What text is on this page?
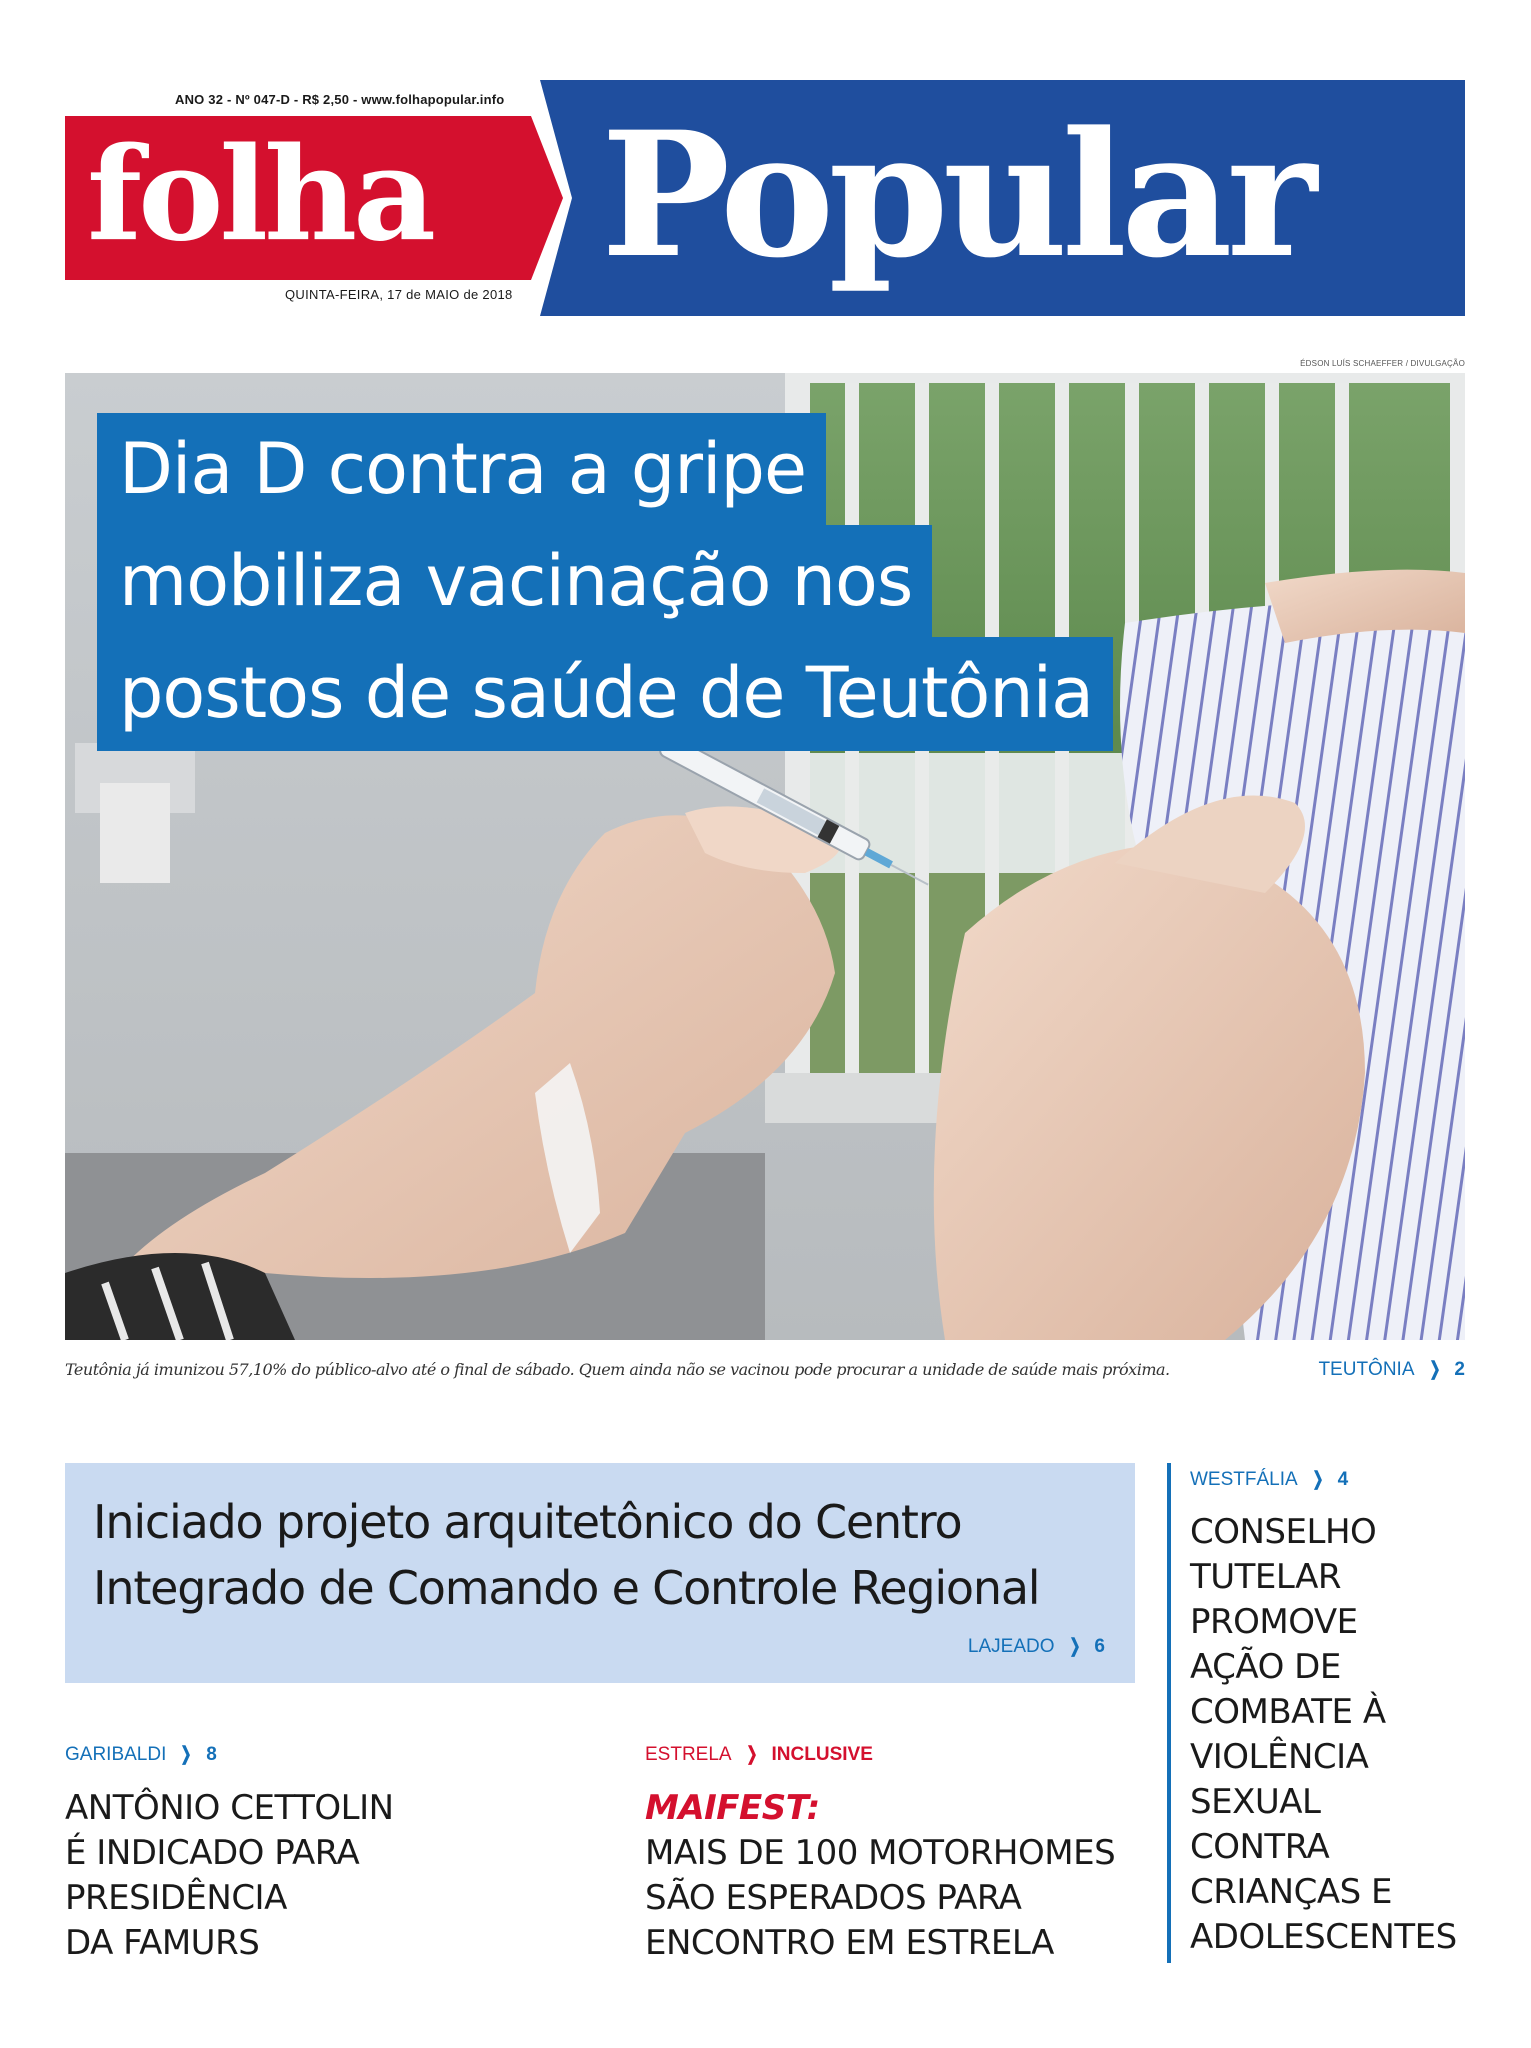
ANO 32 - Nº 047-D - R$ 2,50 - www.folhapopular.info
folha Popular
QUINTA-FEIRA, 17 de MAIO de 2018
ÉDSON LUÍS SCHAEFFER / DIVULGAÇÃO
Dia D contra a gripe
mobiliza vacinação nos
postos de saúde de Teutônia
Teutônia já imunizou 57,10% do público-alvo até o final de sábado. Quem ainda não se vacinou pode procurar a unidade de saúde mais próxima.	TEUTÔNIA ❯ 2
Iniciado projeto arquitetônico do Centro
Integrado de Comando e Controle Regional
LAJEADO ❯ 6
GARIBALDI ❯ 8
ANTÔNIO CETTOLIN
É INDICADO PARA
PRESIDÊNCIA
DA FAMURS
ESTRELA ❯ INCLUSIVE
MAIFEST:
MAIS DE 100 MOTORHOMES
SÃO ESPERADOS PARA
ENCONTRO EM ESTRELA
WESTFÁLIA ❯ 4
CONSELHO
TUTELAR
PROMOVE
AÇÃO DE
COMBATE À
VIOLÊNCIA
SEXUAL
CONTRA
CRIANÇAS E
ADOLESCENTES
